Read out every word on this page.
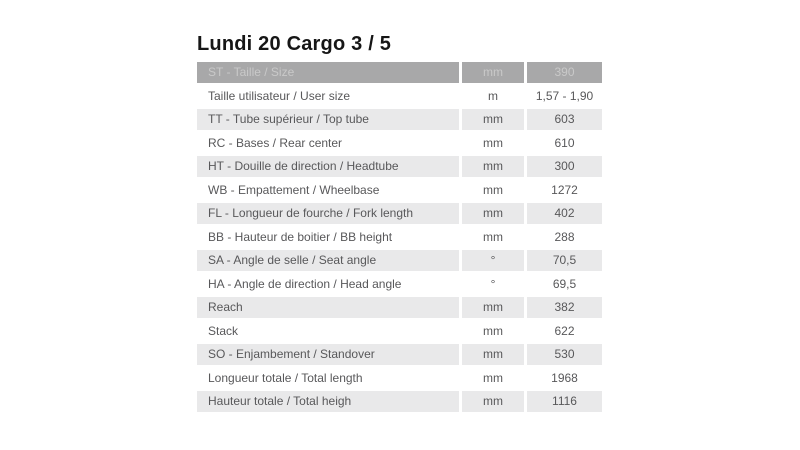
Lundi 20 Cargo 3 / 5
ST - Taille / Size	mm	390
Taille utilisateur / User size	m	1,57 - 1,90
TT - Tube supérieur / Top tube	mm	603
RC - Bases / Rear center	mm	610
HT - Douille de direction / Headtube	mm	300
WB - Empattement / Wheelbase	mm	1272
FL - Longueur de fourche / Fork length	mm	402
BB - Hauteur de boitier / BB height	mm	288
SA - Angle de selle / Seat angle	°	70,5
HA - Angle de direction / Head angle	°	69,5
Reach	mm	382
Stack	mm	622
SO - Enjambement / Standover	mm	530
Longueur totale / Total length	mm	1968
Hauteur totale / Total heigh	mm	1116
